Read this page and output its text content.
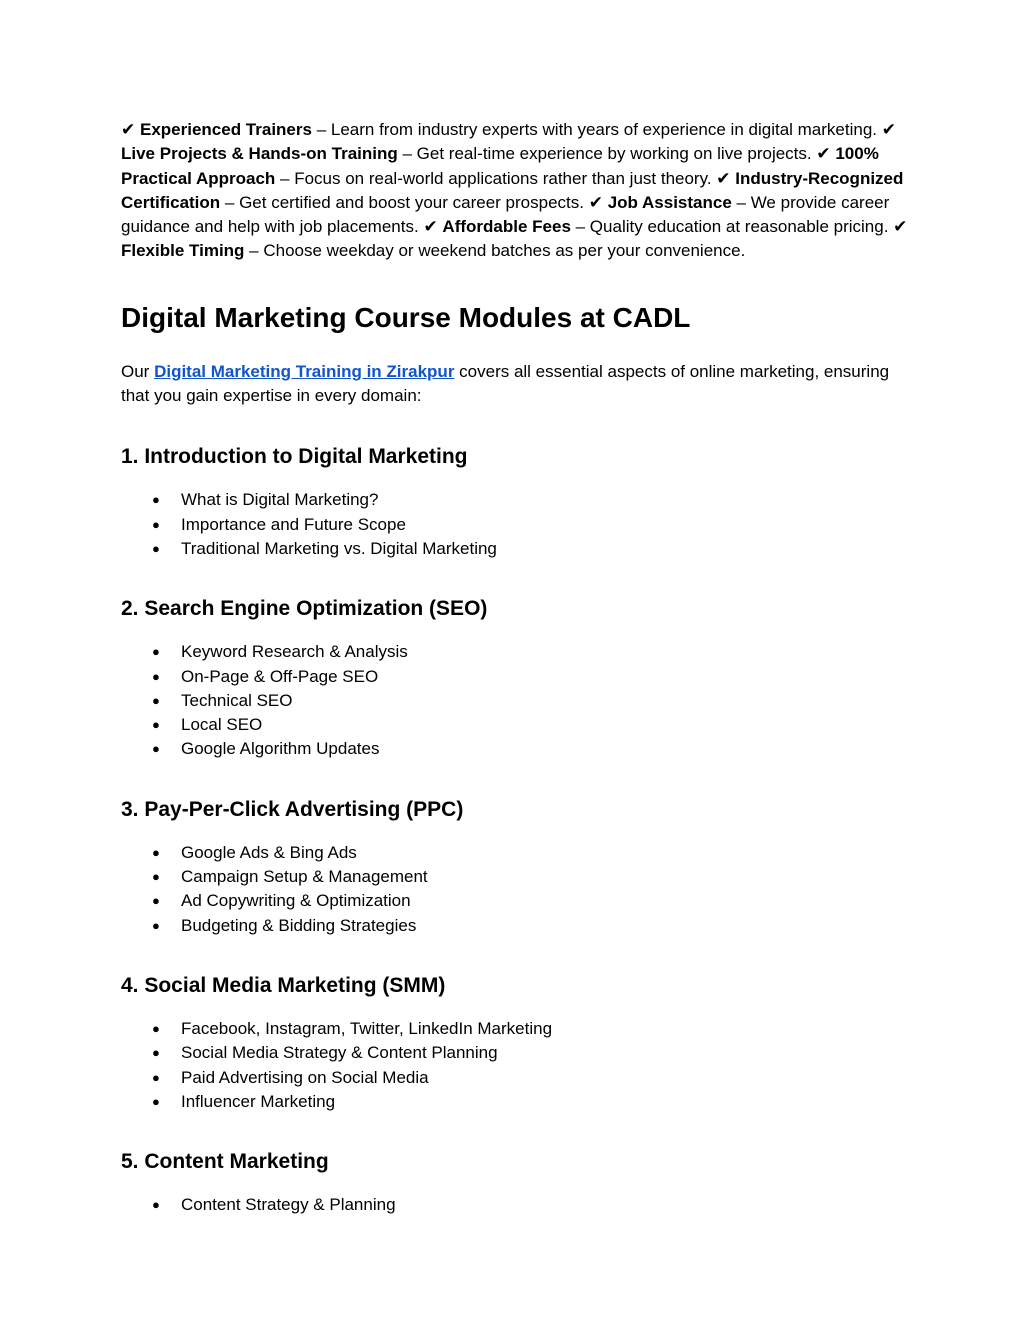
✔ Experienced Trainers – Learn from industry experts with years of experience in digital marketing. ✔ Live Projects & Hands-on Training – Get real-time experience by working on live projects. ✔ 100% Practical Approach – Focus on real-world applications rather than just theory. ✔ Industry-Recognized Certification – Get certified and boost your career prospects. ✔ Job Assistance – We provide career guidance and help with job placements. ✔ Affordable Fees – Quality education at reasonable pricing. ✔ Flexible Timing – Choose weekday or weekend batches as per your convenience.

Digital Marketing Course Modules at CADL

Our Digital Marketing Training in Zirakpur covers all essential aspects of online marketing, ensuring that you gain expertise in every domain:

1. Introduction to Digital Marketing
● What is Digital Marketing?
● Importance and Future Scope
● Traditional Marketing vs. Digital Marketing
2. Search Engine Optimization (SEO)
● Keyword Research & Analysis
● On-Page & Off-Page SEO
● Technical SEO
● Local SEO
● Google Algorithm Updates
3. Pay-Per-Click Advertising (PPC)
● Google Ads & Bing Ads
● Campaign Setup & Management
● Ad Copywriting & Optimization
● Budgeting & Bidding Strategies
4. Social Media Marketing (SMM)
● Facebook, Instagram, Twitter, LinkedIn Marketing
● Social Media Strategy & Content Planning
● Paid Advertising on Social Media
● Influencer Marketing
5. Content Marketing
● Content Strategy & Planning
